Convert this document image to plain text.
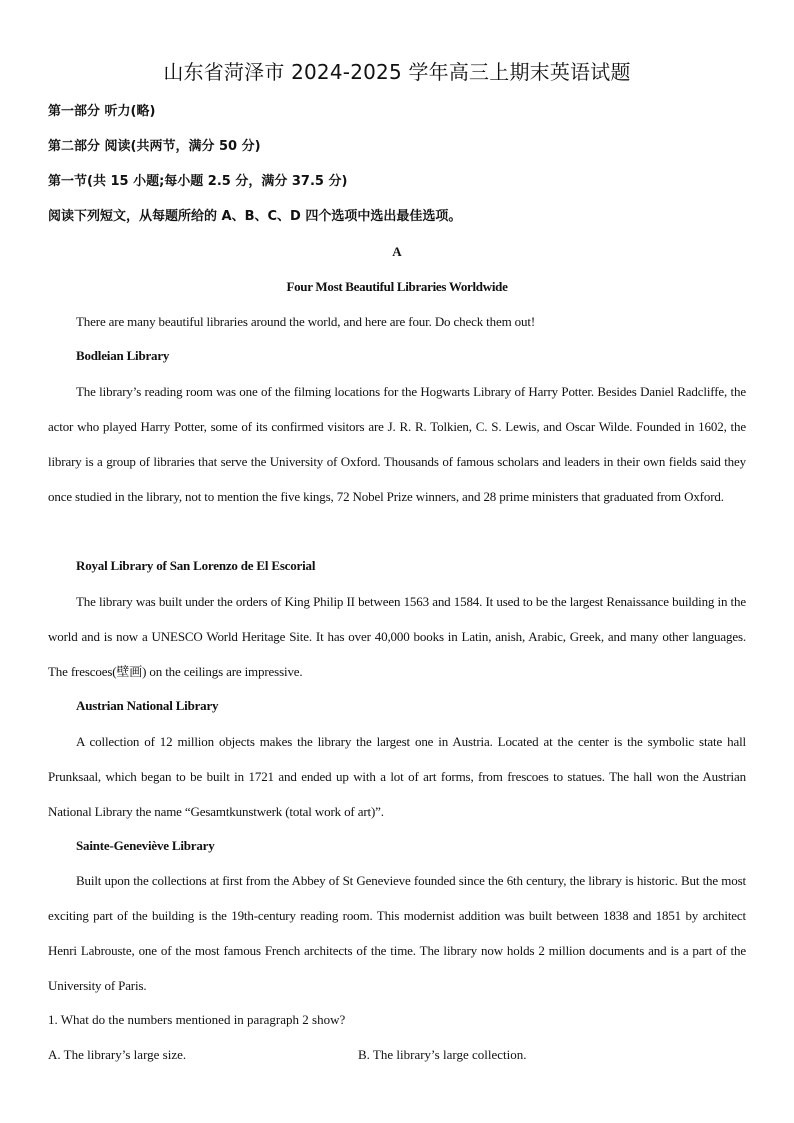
山东省菏泽市 2024-2025 学年高三上期末英语试题
第一部分 听力(略)
第二部分 阅读(共两节，满分 50 分)
第一节(共 15 小题;每小题 2.5 分，满分 37.5 分)
阅读下列短文，从每题所给的 A、B、C、D 四个选项中选出最佳选项。
A
Four Most Beautiful Libraries Worldwide

There are many beautiful libraries around the world, and here are four. Do check them out!

Bodleian Library

The library’s reading room was one of the filming locations for the Hogwarts Library of Harry Potter. Besides Daniel Radcliffe, the actor who played Harry Potter, some of its confirmed visitors are J. R. R. Tolkien, C. S. Lewis, and Oscar Wilde. Founded in 1602, the library is a group of libraries that serve the University of Oxford. Thousands of famous scholars and leaders in their own fields said they once studied in the library, not to mention the five kings, 72 Nobel Prize winners, and 28 prime ministers that graduated from Oxford.

Royal Library of San Lorenzo de El Escorial

The library was built under the orders of King Philip II between 1563 and 1584. It used to be the largest Renaissance building in the world and is now a UNESCO World Heritage Site. It has over 40,000 books in Latin, anish, Arabic, Greek, and many other languages. The frescoes(壁画) on the ceilings are impressive.

Austrian National Library

A collection of 12 million objects makes the library the largest one in Austria. Located at the center is the symbolic state hall Prunksaal, which began to be built in 1721 and ended up with a lot of art forms, from frescoes to statues. The hall won the Austrian National Library the name “Gesamtkunstwerk (total work of art)”.

Sainte-Geneviève Library

Built upon the collections at first from the Abbey of St Genevieve founded since the 6th century, the library is historic. But the most exciting part of the building is the 19th-century reading room. This modernist addition was built between 1838 and 1851 by architect Henri Labrouste, one of the most famous French architects of the time. The library now holds 2 million documents and is a part of the University of Paris.

1. What do the numbers mentioned in paragraph 2 show?
A. The library’s large size.	B. The library’s large collection.
